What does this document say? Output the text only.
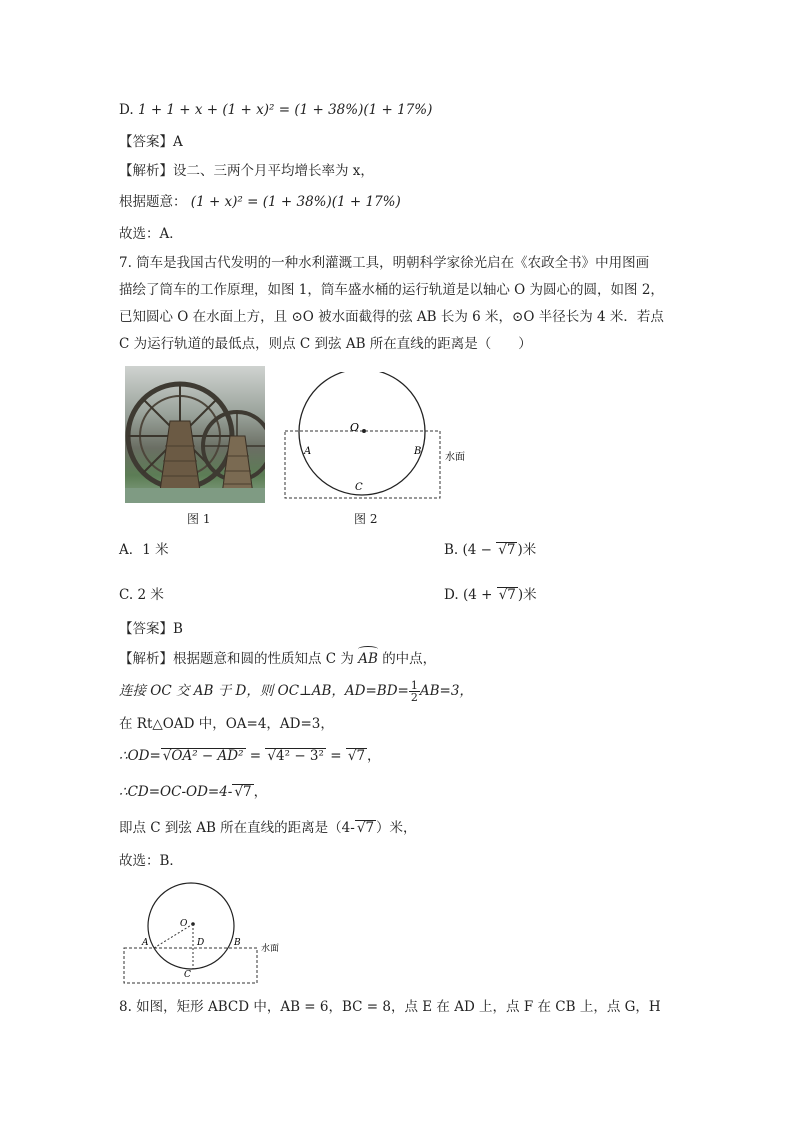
D. 1 + 1 + x + (1 + x)² = (1 + 38%)(1 + 17%)
【答案】A
【解析】设二、三两个月平均增长率为 x，
根据题意： (1 + x)² = (1 + 38%)(1 + 17%)
故选：A．
7. 筒车是我国古代发明的一种水利灌溉工具，明朝科学家徐光启在《农政全书》中用图画
描绘了筒车的工作原理，如图 1，筒车盛水桶的运行轨道是以轴心 O 为圆心的圆，如图 2，
已知圆心 O 在水面上方，且 ⊙O 被水面截得的弦 AB 长为 6 米，⊙O 半径长为 4 米．若点
C 为运行轨道的最低点，则点 C 到弦 AB 所在直线的距离是（　　）
图 1
O
A	B
C
水面
图 2
A．1 米	B. (4 − √7 )米
C. 2 米	D. (4 + √7 )米
【答案】B
【解析】根据题意和圆的性质知点 C 为 AB 的中点，
连接 OC 交 AB 于 D，则 OC⊥AB，$AD=BD= \frac{1}{2} AB=3$，
在 Rt△OAD 中，OA=4，AD=3，
∴OD= √OA² − AD² = √4² − 3² = √7 ，
∴CD=OC-OD=4- √7 ，
即点 C 到弦 AB 所在直线的距离是（4- √7 ）米，
故选：B．
O
A	D	B
C
水面
8. 如图，矩形 ABCD 中，AB = 6，BC = 8，点 E 在 AD 上，点 F 在 CB 上，点 G，H
